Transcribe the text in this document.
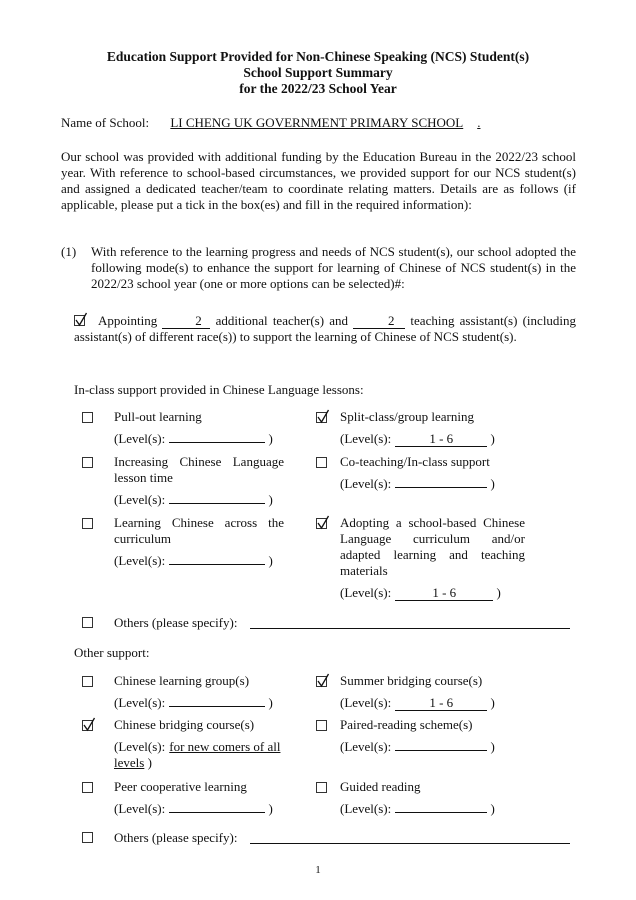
Education Support Provided for Non-Chinese Speaking (NCS) Student(s)
School Support Summary
for the 2022/23 School Year
Name of School: LI CHENG UK GOVERNMENT PRIMARY SCHOOL .
Our school was provided with additional funding by the Education Bureau in the 2022/23 school year. With reference to school-based circumstances, we provided support for our NCS student(s) and assigned a dedicated teacher/team to coordinate relating matters. Details are as follows (if applicable, please put a tick in the box(es) and fill in the required information):
(1) With reference to the learning progress and needs of NCS student(s), our school adopted the following mode(s) to enhance the support for learning of Chinese of NCS student(s) in the 2022/23 school year (one or more options can be selected)#:
Appointing	2 additional teacher(s) and	2 teaching assistant(s) (including assistant(s) of different race(s)) to support the learning of Chinese of NCS student(s).
In-class support provided in Chinese Language lessons:
Pull-out learning
(Level(s):	)
Split-class/group learning
(Level(s):	1 - 6	)
Increasing Chinese Language lesson time
(Level(s):	)
Co-teaching/In-class support
(Level(s):	)
Learning Chinese across the curriculum
(Level(s):	)
Adopting a school-based Chinese Language curriculum and/or adapted learning and teaching materials
(Level(s):	1 - 6	)
Others (please specify):
Other support:
Chinese learning group(s)
(Level(s):	)
Summer bridging course(s)
(Level(s):	1 - 6	)
Chinese bridging course(s)
(Level(s): for new comers of all levels )
Paired-reading scheme(s)
(Level(s):	)
Peer cooperative learning
(Level(s):	)
Guided reading
(Level(s):	)
Others (please specify):
1
